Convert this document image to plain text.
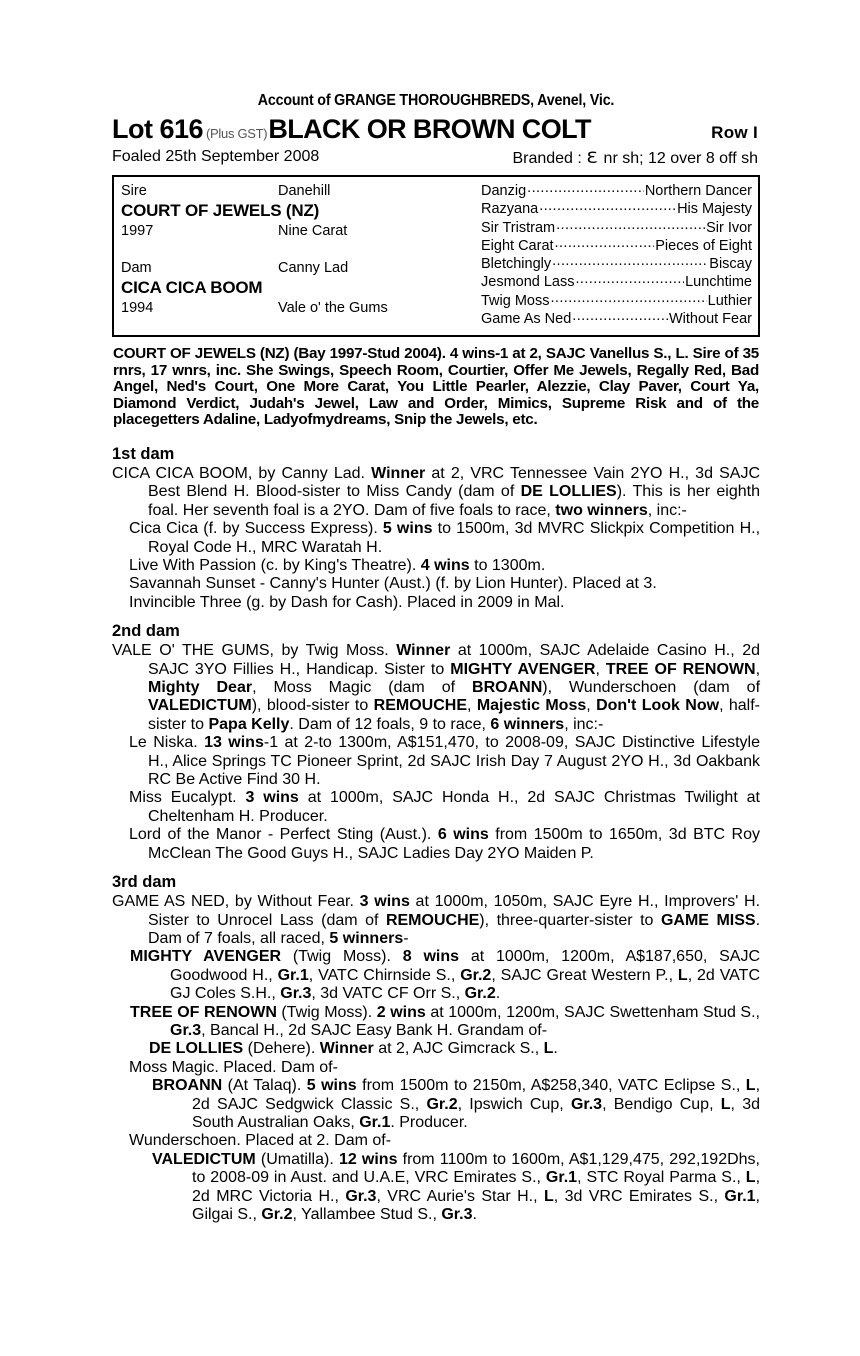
Account of GRANGE THOROUGHBREDS, Avenel, Vic.
Lot 616 (Plus GST) BLACK OR BROWN COLT	Row I
Foaled 25th September 2008	Branded : Ɛ nr sh; 12 over 8 off sh
Sire	Danehill
COURT OF JEWELS (NZ)
1997	Nine Carat

Dam	Canny Lad
CICA CICA BOOM
1994	Vale o' the Gums
Danzig .....	Northern Dancer
Razyana .....	His Majesty
Sir Tristram .....	Sir Ivor
Eight Carat .....	Pieces of Eight
Bletchingly .....	Biscay
Jesmond Lass .....	Lunchtime
Twig Moss .....	Luthier
Game As Ned .....	Without Fear
COURT OF JEWELS (NZ) (Bay 1997-Stud 2004). 4 wins-1 at 2, SAJC Vanellus S., L. Sire of 35 rnrs, 17 wnrs, inc. She Swings, Speech Room, Courtier, Offer Me Jewels, Regally Red, Bad Angel, Ned's Court, One More Carat, You Little Pearler, Alezzie, Clay Paver, Court Ya, Diamond Verdict, Judah's Jewel, Law and Order, Mimics, Supreme Risk and of the placegetters Adaline, Ladyofmydreams, Snip the Jewels, etc.
1st dam

CICA CICA BOOM, by Canny Lad. Winner at 2, VRC Tennessee Vain 2YO H., 3d SAJC Best Blend H. Blood-sister to Miss Candy (dam of DE LOLLIES). This is her eighth foal. Her seventh foal is a 2YO. Dam of five foals to race, two winners, inc:-

Cica Cica (f. by Success Express). 5 wins to 1500m, 3d MVRC Slickpix Competition H., Royal Code H., MRC Waratah H.

Live With Passion (c. by King's Theatre). 4 wins to 1300m.

Savannah Sunset - Canny's Hunter (Aust.) (f. by Lion Hunter). Placed at 3.

Invincible Three (g. by Dash for Cash). Placed in 2009 in Mal.

2nd dam

VALE O' THE GUMS, by Twig Moss. Winner at 1000m, SAJC Adelaide Casino H., 2d SAJC 3YO Fillies H., Handicap. Sister to MIGHTY AVENGER, TREE OF RENOWN, Mighty Dear, Moss Magic (dam of BROANN), Wunderschoen (dam of VALEDICTUM), blood-sister to REMOUCHE, Majestic Moss, Don't Look Now, half-sister to Papa Kelly. Dam of 12 foals, 9 to race, 6 winners, inc:-

Le Niska. 13 wins-1 at 2-to 1300m, A$151,470, to 2008-09, SAJC Distinctive Lifestyle H., Alice Springs TC Pioneer Sprint, 2d SAJC Irish Day 7 August 2YO H., 3d Oakbank RC Be Active Find 30 H.

Miss Eucalypt. 3 wins at 1000m, SAJC Honda H., 2d SAJC Christmas Twilight at Cheltenham H. Producer.

Lord of the Manor - Perfect Sting (Aust.). 6 wins from 1500m to 1650m, 3d BTC Roy McClean The Good Guys H., SAJC Ladies Day 2YO Maiden P.

3rd dam

GAME AS NED, by Without Fear. 3 wins at 1000m, 1050m, SAJC Eyre H., Improvers' H. Sister to Unrocel Lass (dam of REMOUCHE), three-quarter-sister to GAME MISS. Dam of 7 foals, all raced, 5 winners-

MIGHTY AVENGER (Twig Moss). 8 wins at 1000m, 1200m, A$187,650, SAJC Goodwood H., Gr.1, VATC Chirnside S., Gr.2, SAJC Great Western P., L, 2d VATC GJ Coles S.H., Gr.3, 3d VATC CF Orr S., Gr.2.

TREE OF RENOWN (Twig Moss). 2 wins at 1000m, 1200m, SAJC Swettenham Stud S., Gr.3, Bancal H., 2d SAJC Easy Bank H. Grandam of-

DE LOLLIES (Dehere). Winner at 2, AJC Gimcrack S., L.

Moss Magic. Placed. Dam of-

BROANN (At Talaq). 5 wins from 1500m to 2150m, A$258,340, VATC Eclipse S., L, 2d SAJC Sedgwick Classic S., Gr.2, Ipswich Cup, Gr.3, Bendigo Cup, L, 3d South Australian Oaks, Gr.1. Producer.

Wunderschoen. Placed at 2. Dam of-

VALEDICTUM (Umatilla). 12 wins from 1100m to 1600m, A$1,129,475, 292,192Dhs, to 2008-09 in Aust. and U.A.E, VRC Emirates S., Gr.1, STC Royal Parma S., L, 2d MRC Victoria H., Gr.3, VRC Aurie's Star H., L, 3d VRC Emirates S., Gr.1, Gilgai S., Gr.2, Yallambee Stud S., Gr.3.
